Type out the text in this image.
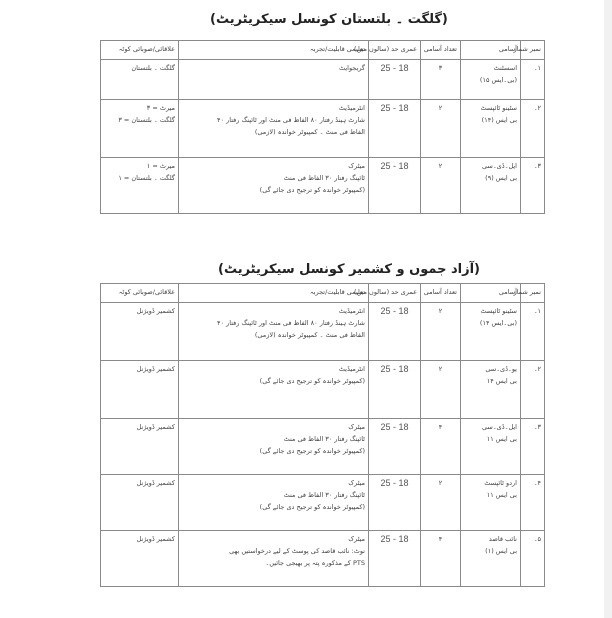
(گلگت ۔ بلتستان کونسل سیکریٹریٹ)
نمبر شمار	آسامی	تعداد آسامی	عمری حد (سالوں میں)	تعلیمی قابلیت/تجربہ	علاقائی/صوبائی کوٹہ
۱۔	اسسٹنٹ
(بی۔ایس ۱۵)	۳	18 - 25	گریجوایٹ	گلگت ۔ بلتستان

۲۔	سٹینو ٹائپسٹ
بی ایس (۱۴)	۲	18 - 25	انٹرمیڈیٹ
شارٹ ہینڈ رفتار ۸۰ الفاظ فی منٹ اور ٹائپنگ رفتار ۴۰
الفاظ فی منٹ ۔ کمپیوٹر خواندہ (لازمی)	میرٹ = ۳
گلگت ۔ بلتستان = ۳

۳۔	ایل۔ڈی۔سی
بی ایس (۹)	۲	18 - 25	میٹرک
ٹائپنگ رفتار ۳۰ الفاظ فی منٹ
(کمپیوٹر خواندہ کو ترجیح دی جائے گی)	میرٹ = ۱
گلگت ۔ بلتستان = ۱
(آزاد جموں و کشمیر کونسل سیکریٹریٹ)
نمبر شمار	آسامی	تعداد آسامی	عمری حد (سالوں میں)	تعلیمی قابلیت/تجربہ	علاقائی/صوبائی کوٹہ
۱۔	سٹینو ٹائپسٹ
(بی۔ایس ۱۴)	۲	18 - 25	انٹرمیڈیٹ
شارٹ ہینڈ رفتار ۸۰ الفاظ فی منٹ اور ٹائپنگ رفتار ۴۰
الفاظ فی منٹ ۔ کمپیوٹر خواندہ (لازمی)	کشمیر ڈویژنل

۲۔	یو۔ڈی۔سی
بی ایس ۱۴	۲	18 - 25	انٹرمیڈیٹ
(کمپیوٹر خواندہ کو ترجیح دی جائے گی)	کشمیر ڈویژنل

۳۔	ایل۔ڈی۔سی
بی ایس ۱۱	۴	18 - 25	میٹرک
ٹائپنگ رفتار ۳۰ الفاظ فی منٹ
(کمپیوٹر خواندہ کو ترجیح دی جائے گی)	کشمیر ڈویژنل

۴۔	اردو ٹائپسٹ
بی ایس ۱۱	۲	18 - 25	میٹرک
ٹائپنگ رفتار ۳۰ الفاظ فی منٹ
(کمپیوٹر خواندہ کو ترجیح دی جائے گی)	کشمیر ڈویژنل

۵۔	نائب قاصد
بی ایس (۱)	۴	18 - 25	میٹرک
نوٹ: نائب قاصد کی پوسٹ کے لیے درخواستیں بھی
PTS کے مذکورہ پتہ پر بھیجی جائیں۔	کشمیر ڈویژنل
